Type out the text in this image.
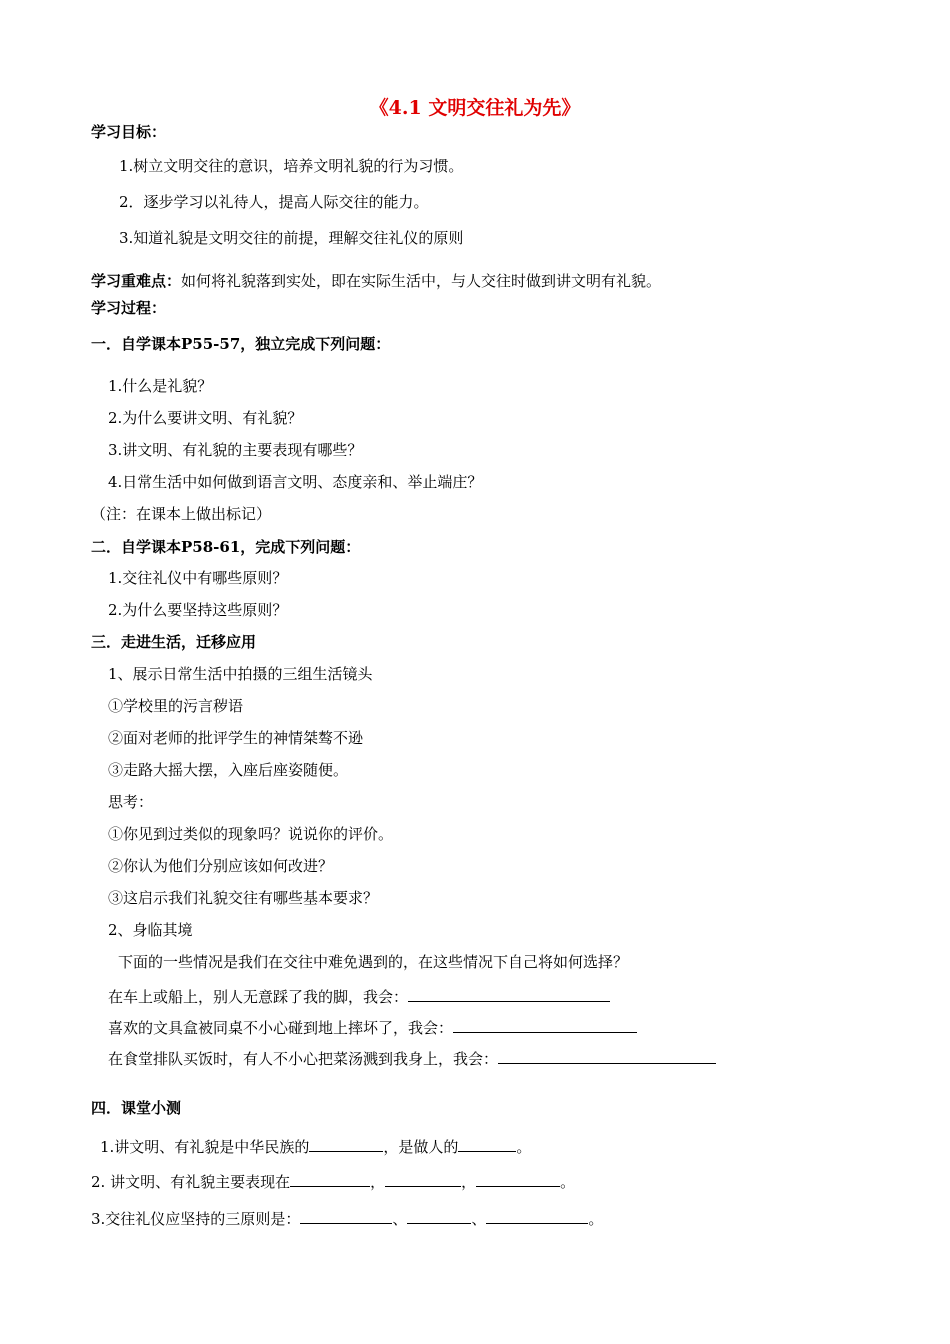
《4.1 文明交往礼为先》
学习目标：
1.树立文明交往的意识，培养文明礼貌的行为习惯。
2．逐步学习以礼待人，提高人际交往的能力。
3.知道礼貌是文明交往的前提，理解交往礼仪的原则
学习重难点：如何将礼貌落到实处，即在实际生活中，与人交往时做到讲文明有礼貌。
学习过程：
一．自学课本P55-57，独立完成下列问题：
1.什么是礼貌？
2.为什么要讲文明、有礼貌？
3.讲文明、有礼貌的主要表现有哪些？
4.日常生活中如何做到语言文明、态度亲和、举止端庄？
（注：在课本上做出标记）
二．自学课本P58-61，完成下列问题：
1.交往礼仪中有哪些原则？
2.为什么要坚持这些原则？
三．走进生活，迁移应用
1、展示日常生活中拍摄的三组生活镜头
①学校里的污言秽语
②面对老师的批评学生的神情桀骜不逊
③走路大摇大摆，入座后座姿随便。
思考：
①你见到过类似的现象吗？说说你的评价。
②你认为他们分别应该如何改进？
③这启示我们礼貌交往有哪些基本要求？
2、身临其境
下面的一些情况是我们在交往中难免遇到的，在这些情况下自己将如何选择？
在车上或船上，别人无意踩了我的脚，我会：
喜欢的文具盒被同桌不小心碰到地上摔坏了，我会：
在食堂排队买饭时，有人不小心把菜汤溅到我身上，我会：
四．课堂小测
1.讲文明、有礼貌是中华民族的	，是做人的	。
2. 讲文明、有礼貌主要表现在	，	，	。
3.交往礼仪应坚持的三原则是：	、	、	。
